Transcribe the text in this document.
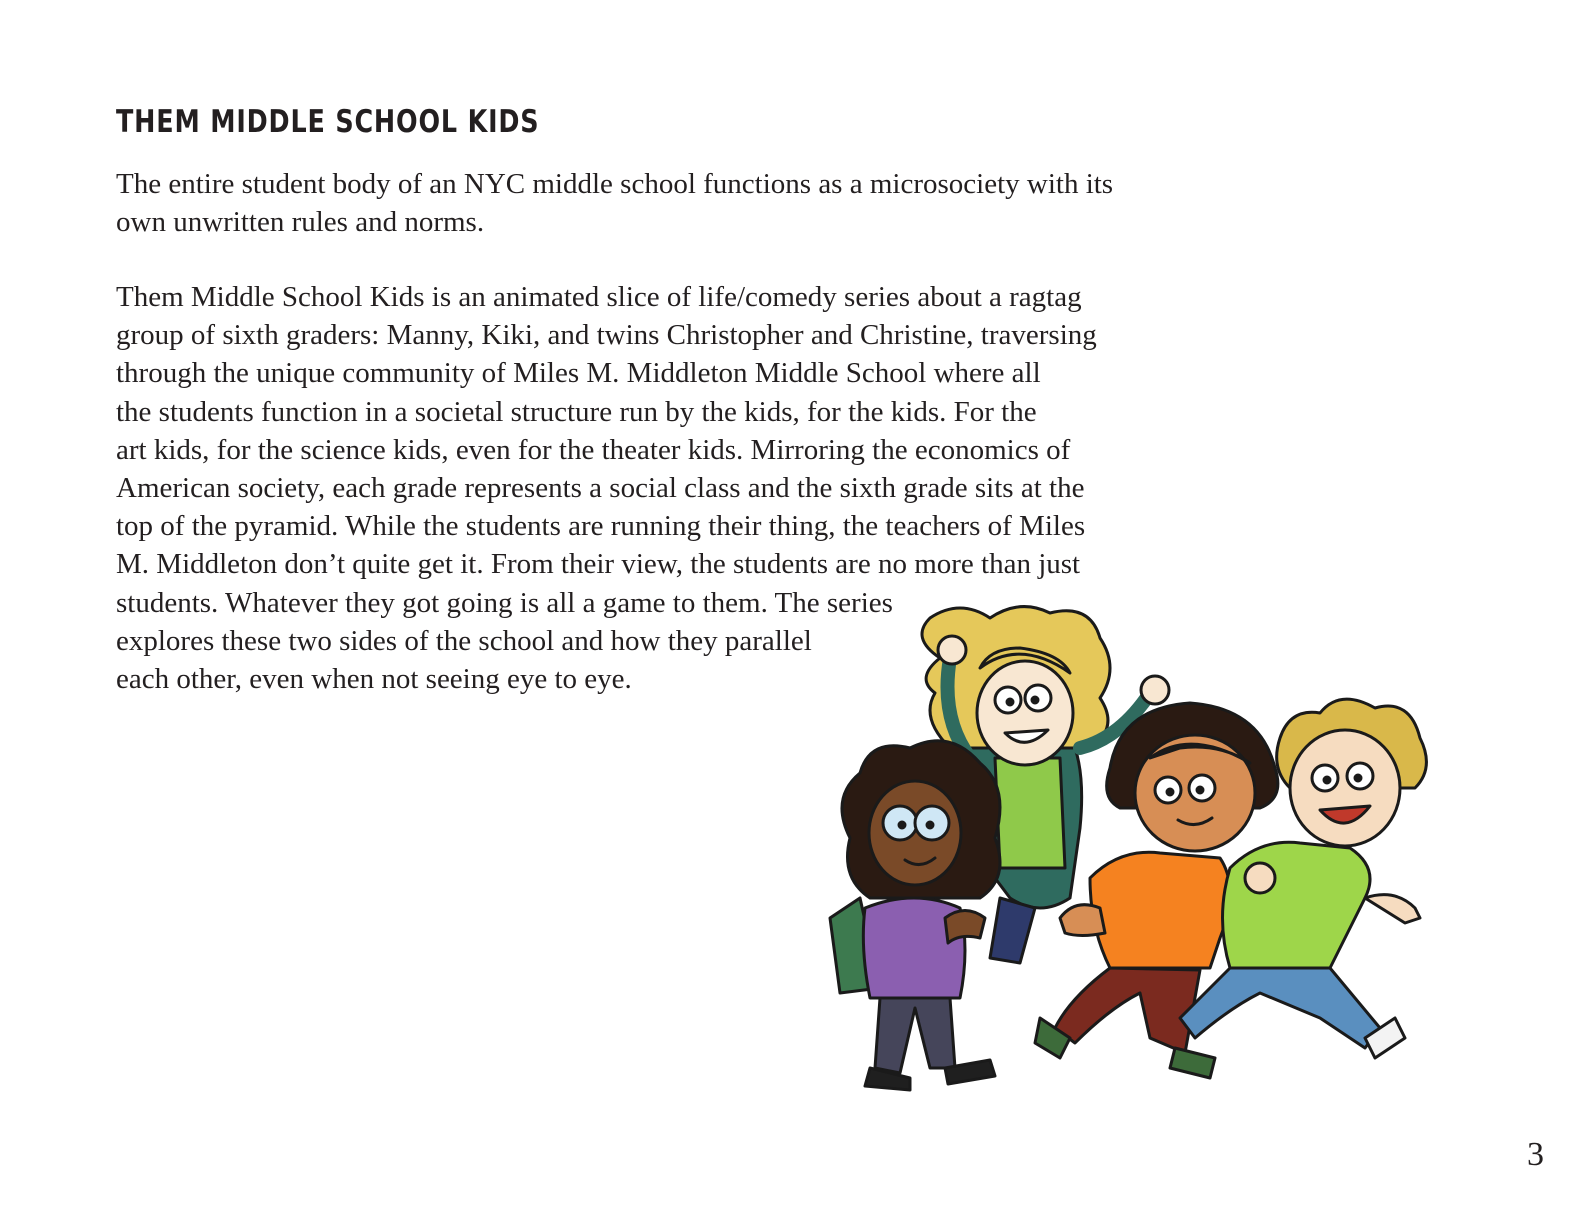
THEM MIDDLE SCHOOL KIDS

The entire student body of an NYC middle school functions as a microsociety with its
own unwritten rules and norms.

Them Middle School Kids is an animated slice of life/comedy series about a ragtag
group of sixth graders: Manny, Kiki, and twins Christopher and Christine, traversing
through the unique community of Miles M. Middleton Middle School where all
the students function in a societal structure run by the kids, for the kids. For the
art kids, for the science kids, even for the theater kids. Mirroring the economics of
American society, each grade represents a social class and the sixth grade sits at the
top of the pyramid. While the students are running their thing, the teachers of Miles
M. Middleton don’t quite get it. From their view, the students are no more than just
students. Whatever they got going is all a game to them. The series
explores these two sides of the school and how they parallel
each other, even when not seeing eye to eye.

3
